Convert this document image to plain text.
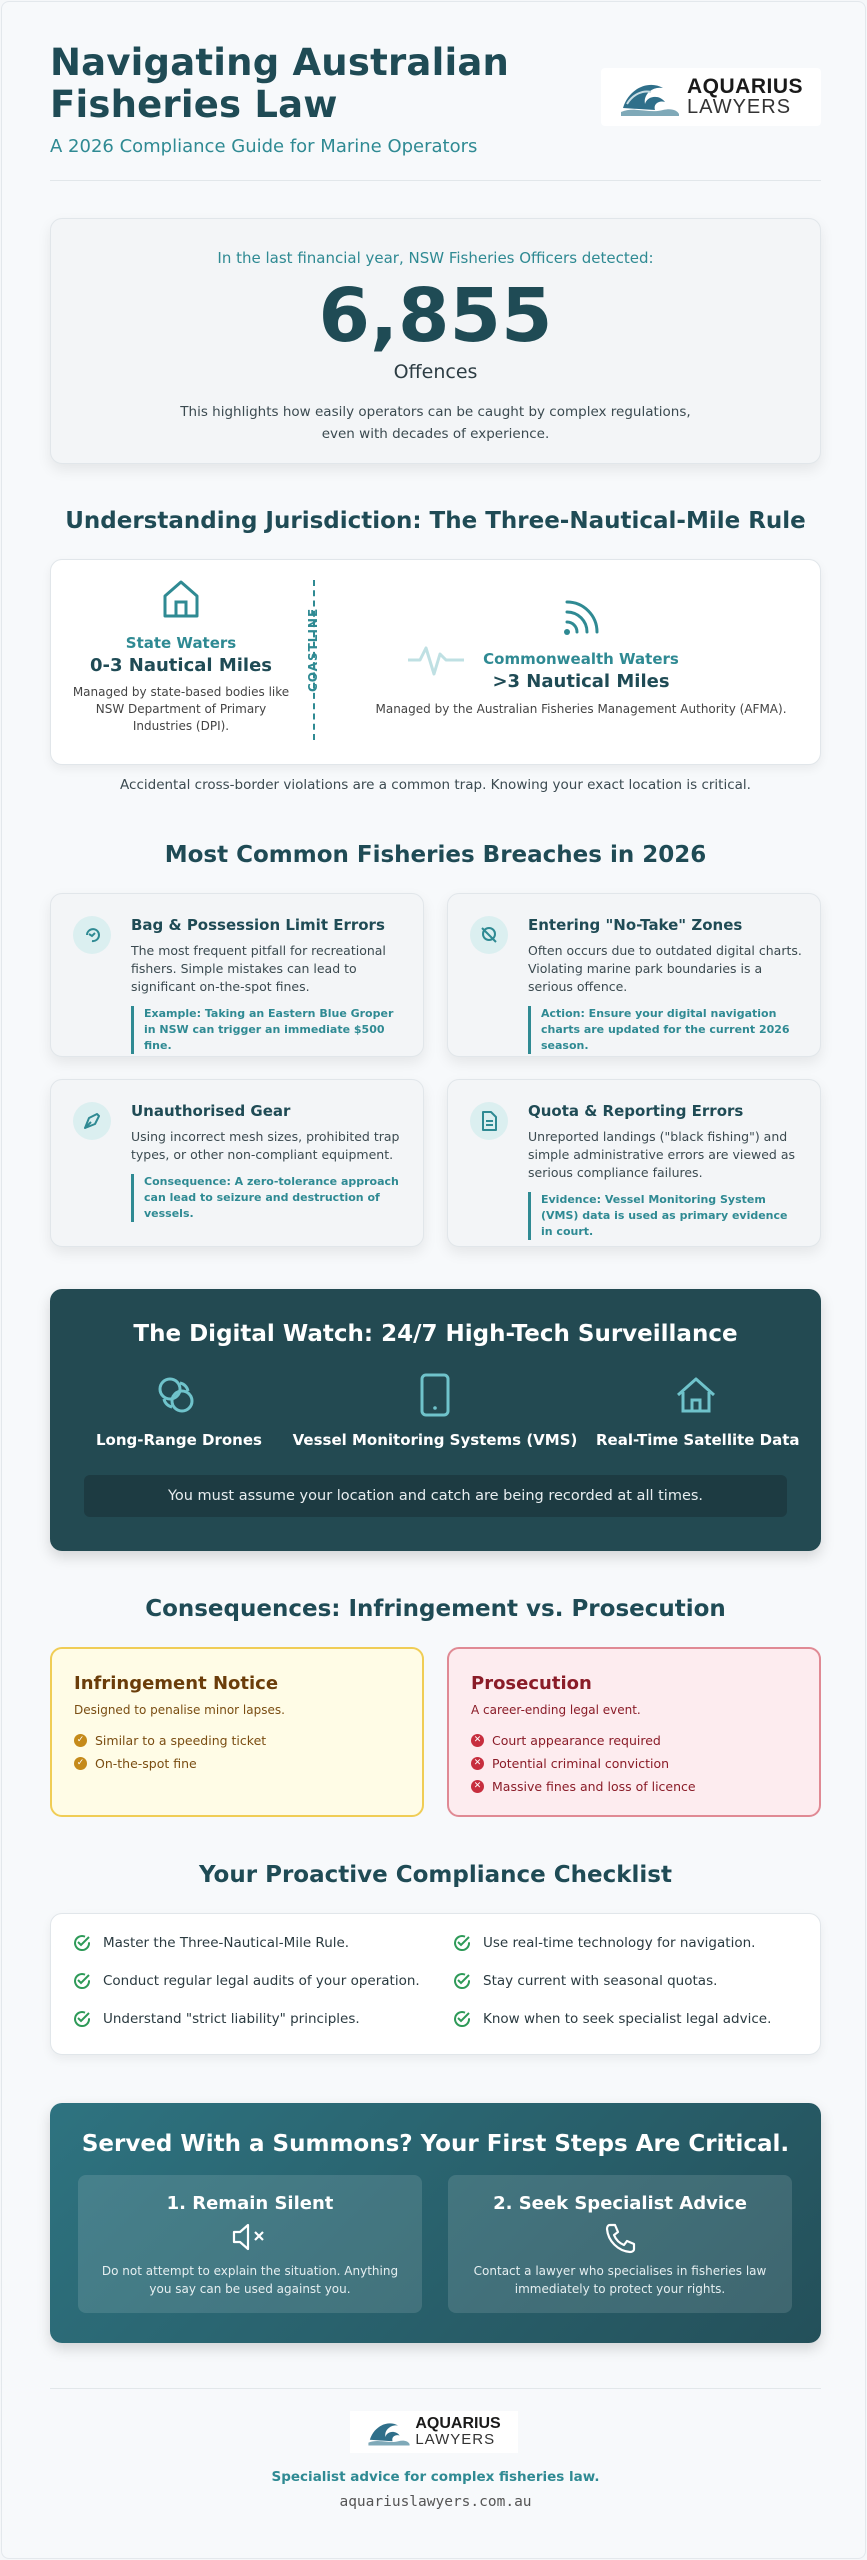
Navigating Australian Fisheries Law
A 2026 Compliance Guide for Marine Operators
AQUARIUS
LAWYERS
In the last financial year, NSW Fisheries Officers detected:
6,855
Offences
This highlights how easily operators can be caught by complex regulations, even with decades of experience.
Understanding Jurisdiction: The Three-Nautical-Mile Rule
State Waters
0-3 Nautical Miles
Managed by state-based bodies like NSW Department of Primary Industries (DPI).
COASTLINE	Commonwealth Waters
>3 Nautical Miles
Managed by the Australian Fisheries Management Authority (AFMA).
Accidental cross-border violations are a common trap. Knowing your exact location is critical.
Most Common Fisheries Breaches in 2026
Bag & Possession Limit Errors
The most frequent pitfall for recreational fishers. Simple mistakes can lead to significant on-the-spot fines.
Example: Taking an Eastern Blue Groper in NSW can trigger an immediate $500 fine.
Entering "No-Take" Zones
Often occurs due to outdated digital charts. Violating marine park boundaries is a serious offence.
Action: Ensure your digital navigation charts are updated for the current 2026 season.
Unauthorised Gear
Using incorrect mesh sizes, prohibited trap types, or other non-compliant equipment.
Consequence: A zero-tolerance approach can lead to seizure and destruction of vessels.
Quota & Reporting Errors
Unreported landings ("black fishing") and simple administrative errors are viewed as serious compliance failures.
Evidence: Vessel Monitoring System (VMS) data is used as primary evidence in court.
The Digital Watch: 24/7 High-Tech Surveillance
Long-Range Drones	Vessel Monitoring Systems (VMS)	Real-Time Satellite Data
You must assume your location and catch are being recorded at all times.
Consequences: Infringement vs. Prosecution
Infringement Notice
Designed to penalise minor lapses.
✓ Similar to a speeding ticket
✓ On-the-spot fine
Prosecution
A career-ending legal event.
✕ Court appearance required
✕ Potential criminal conviction
✕ Massive fines and loss of licence
Your Proactive Compliance Checklist
Master the Three-Nautical-Mile Rule.	Use real-time technology for navigation.
Conduct regular legal audits of your operation.	Stay current with seasonal quotas.
Understand "strict liability" principles.	Know when to seek specialist legal advice.
Served With a Summons? Your First Steps Are Critical.
1. Remain Silent
Do not attempt to explain the situation. Anything you say can be used against you.
2. Seek Specialist Advice
Contact a lawyer who specialises in fisheries law immediately to protect your rights.
AQUARIUS
LAWYERS
Specialist advice for complex fisheries law.
aquariuslawyers.com.au
